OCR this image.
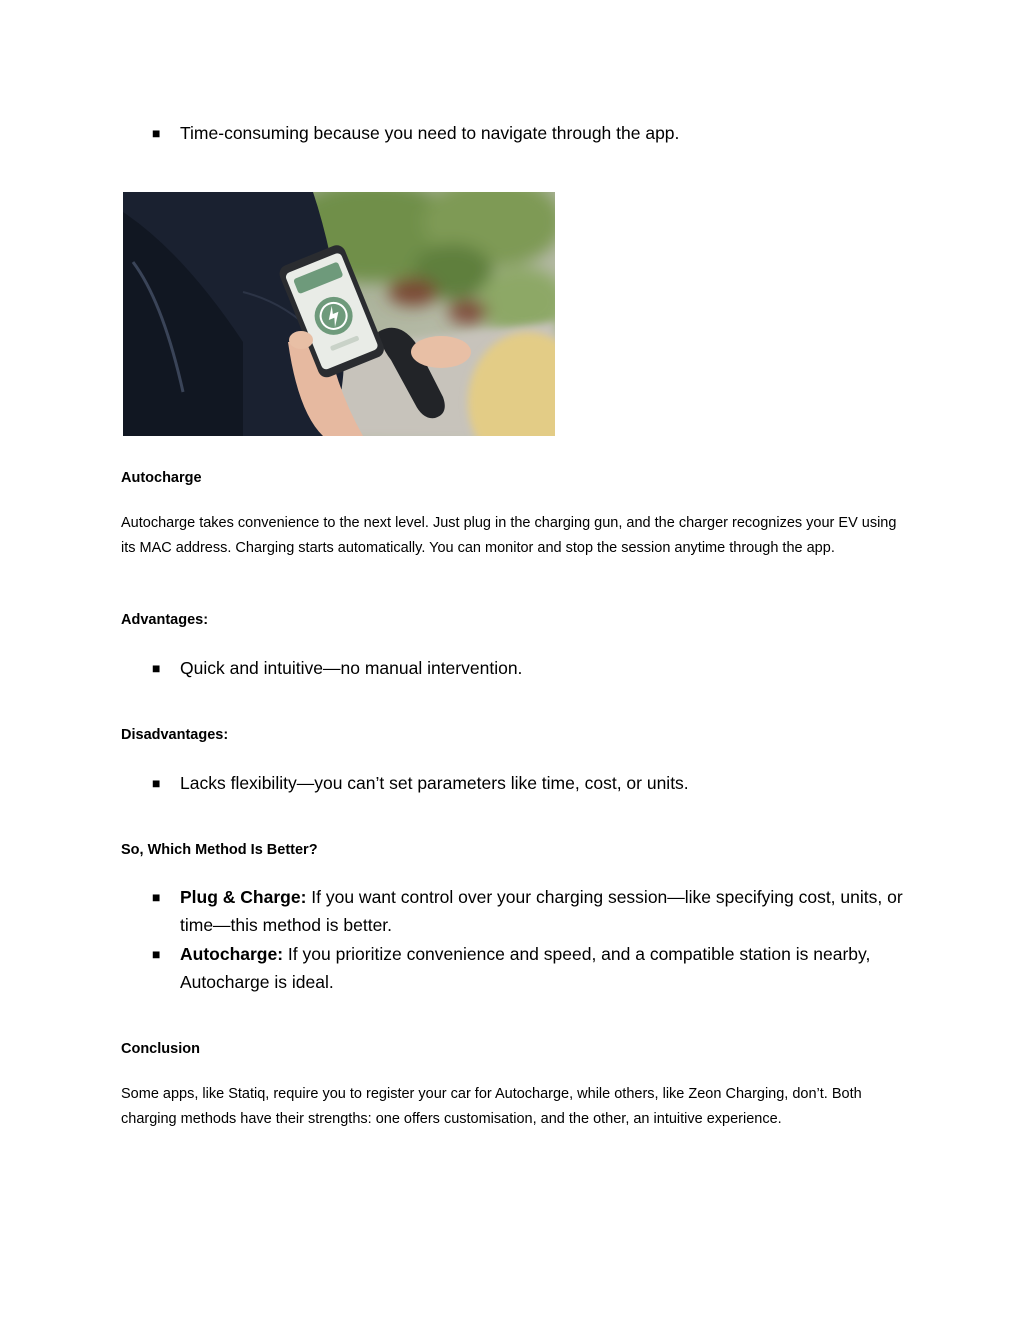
■ Time-consuming because you need to navigate through the app.
Autocharge
Autocharge takes convenience to the next level. Just plug in the charging gun, and the charger recognizes your EV using its MAC address. Charging starts automatically. You can monitor and stop the session anytime through the app.
Advantages:
■ Quick and intuitive—no manual intervention.
Disadvantages:
■ Lacks flexibility—you can’t set parameters like time, cost, or units.
So, Which Method Is Better?
■ Plug & Charge: If you want control over your charging session—like specifying cost, units, or time—this method is better.
■ Autocharge: If you prioritize convenience and speed, and a compatible station is nearby, Autocharge is ideal.
Conclusion
Some apps, like Statiq, require you to register your car for Autocharge, while others, like Zeon Charging, don’t. Both charging methods have their strengths: one offers customisation, and the other, an intuitive experience.
